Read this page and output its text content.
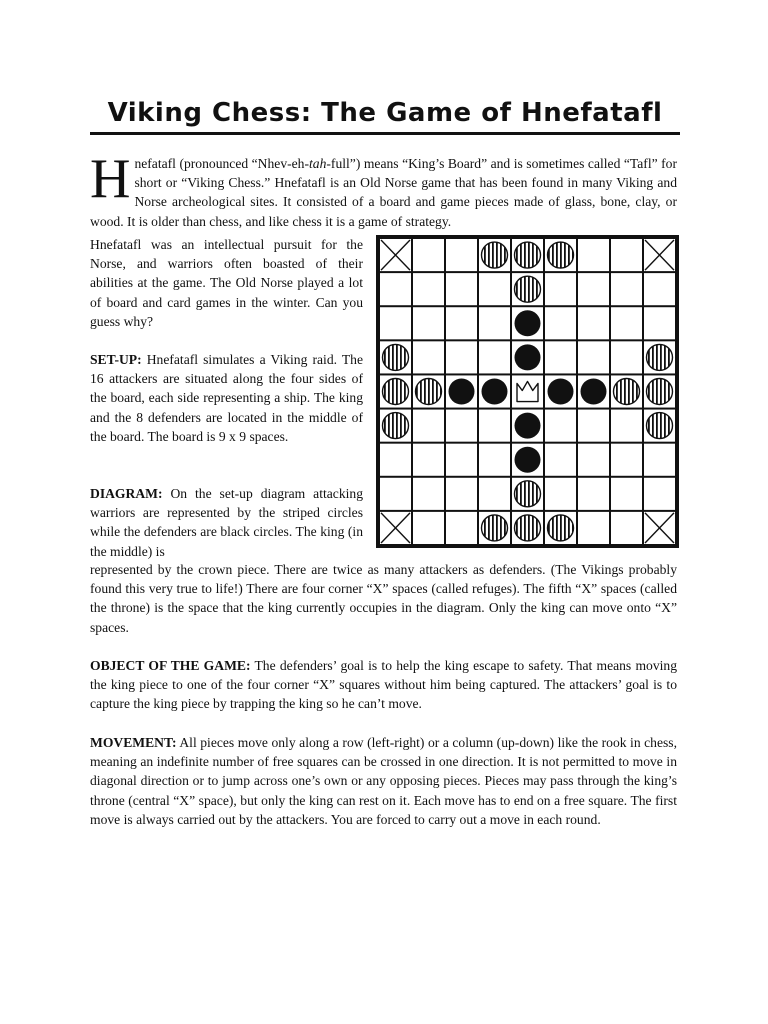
Viking Chess: The Game of Hnefatafl

Hnefatafl (pronounced “Nhev-eh-tah-full”) means “King’s Board” and is sometimes called “Tafl” for short or “Viking Chess.” Hnefatafl is an Old Norse game that has been found in many Viking and Norse archeological sites. It consisted of a board and game pieces made of glass, bone, clay, or wood. It is older than chess, and like chess it is a game of strategy.

Hnefatafl was an intellectual pursuit for the Norse, and warriors often boasted of their abilities at the game. The Old Norse played a lot of board and card games in the winter. Can you guess why?

SET-UP: Hnefatafl simulates a Viking raid. The 16 attackers are situated along the four sides of the board, each side representing a ship. The king and the 8 defenders are located in the middle of the board. The board is 9 x 9 spaces.

DIAGRAM: On the set-up diagram attacking warriors are represented by the striped circles while the defenders are black circles. The king (in the middle) is

represented by the crown piece. There are twice as many attackers as defenders. (The Vikings probably found this very true to life!) There are four corner “X” spaces (called refuges). The fifth “X” spaces (called the throne) is the space that the king currently occupies in the diagram. Only the king can move onto “X” spaces.

OBJECT OF THE GAME: The defenders’ goal is to help the king escape to safety. That means moving the king piece to one of the four corner “X” squares without him being captured. The attackers’ goal is to capture the king piece by trapping the king so he can’t move.

MOVEMENT: All pieces move only along a row (left-right) or a column (up-down) like the rook in chess, meaning an indefinite number of free squares can be crossed in one direction. It is not permitted to move in diagonal direction or to jump across one’s own or any opposing pieces. Pieces may pass through the king’s throne (central “X” space), but only the king can rest on it. Each move has to end on a free square. The first move is always carried out by the attackers. You are forced to carry out a move in each round.
